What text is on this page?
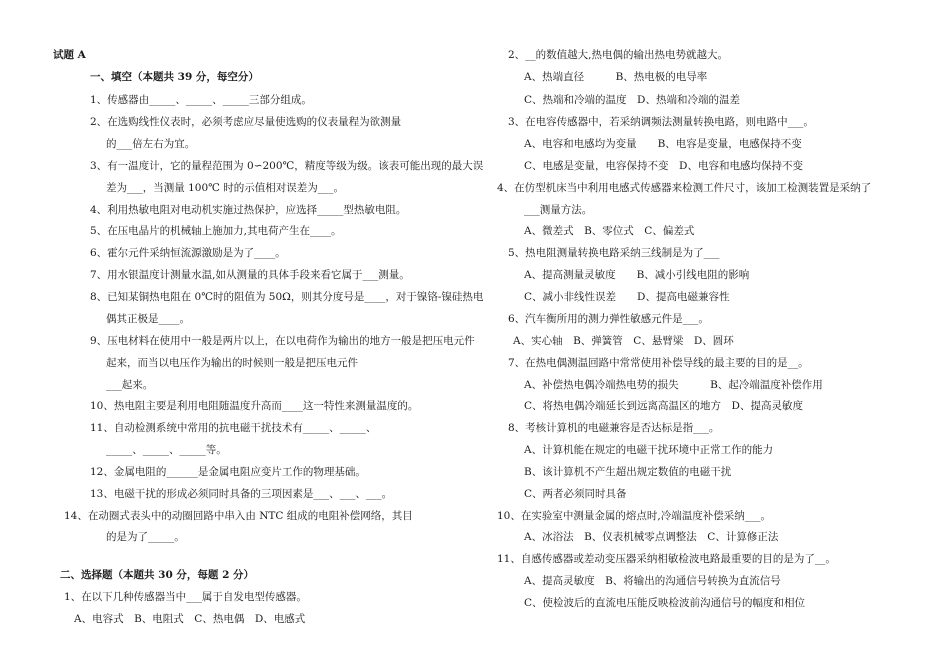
试题 A
一、填空（本题共 39 分，每空分）
1、传感器由_____、_____、_____三部分组成。
2、在选购线性仪表时，必须考虑应尽量使选购的仪表量程为欲测量
的___倍左右为宜。
3、有一温度计，它的量程范围为 0∽200℃，精度等级为级。该表可能出现的最大误
差为___，当测量 100℃ 时的示值相对误差为___。
4、利用热敏电阻对电动机实施过热保护，应选择_____型热敏电阻。
5、在压电晶片的机械轴上施加力,其电荷产生在____。
6、霍尔元件采纳恒流源激励是为了____。
7、用水银温度计测量水温,如从测量的具体手段来看它属于___测量。
8、已知某铜热电阻在 0℃时的阻值为 50Ω，则其分度号是____，对于镍铬-镍硅热电
偶其正极是____。
9、压电材料在使用中一般是两片以上，在以电荷作为输出的地方一般是把压电元件
起来，而当以电压作为输出的时候则一般是把压电元件
___起来。
10、热电阻主要是利用电阻随温度升高而____这一特性来测量温度的。
11、自动检测系统中常用的抗电磁干扰技术有_____、_____、
_____、_____、_____等。
12、金属电阻的______是金属电阻应变片工作的物理基础。
13、电磁干扰的形成必须同时具备的三项因素是___、___、___。
14、在动圈式表头中的动圈回路中串入由 NTC 组成的电阻补偿网络，其目
的是为了_____。
二、选择题（本题共 30 分，每题 2 分）
1、在以下几种传感器当中___属于自发电型传感器。
A、电容式　B、电阻式　C、热电偶　D、电感式
2、__的数值越大,热电偶的输出热电势就越大。
A、热端直径　　　B、热电极的电导率
C、热端和冷端的温度　D、热端和冷端的温差
3、在电容传感器中，若采纳调频法测量转换电路，则电路中___。
A、电容和电感均为变量　　B、电容是变量，电感保持不变
C、电感是变量，电容保持不变　D、电容和电感均保持不变
4、在仿型机床当中利用电感式传感器来检测工件尺寸，该加工检测装置是采纳了
___测量方法。
A、微差式　B、零位式　C、偏差式
5、热电阻测量转换电路采纳三线制是为了___
A、提高测量灵敏度　　B、减小引线电阻的影响
C、减小非线性误差　　D、提高电磁兼容性
6、汽车衡所用的测力弹性敏感元件是___。
A、实心轴　B、弹簧管　C、悬臂梁　D、圆环
7、在热电偶测温回路中常常使用补偿导线的最主要的目的是__。
A、补偿热电偶冷端热电势的损失　　　B、起冷端温度补偿作用
C、将热电偶冷端延长到远离高温区的地方　D、提高灵敏度
8、考核计算机的电磁兼容是否达标是指___。
A、计算机能在规定的电磁干扰环境中正常工作的能力
B、该计算机不产生超出规定数值的电磁干扰
C、两者必须同时具备
10、在实验室中测量金属的熔点时,冷端温度补偿采纳___。
A、冰浴法　B、仪表机械零点调整法　C、计算修正法
11、自感传感器或差动变压器采纳相敏检波电路最重要的目的是为了__。
A、提高灵敏度　B、将输出的沟通信号转换为直流信号
C、使检波后的直流电压能反映检波前沟通信号的幅度和相位
